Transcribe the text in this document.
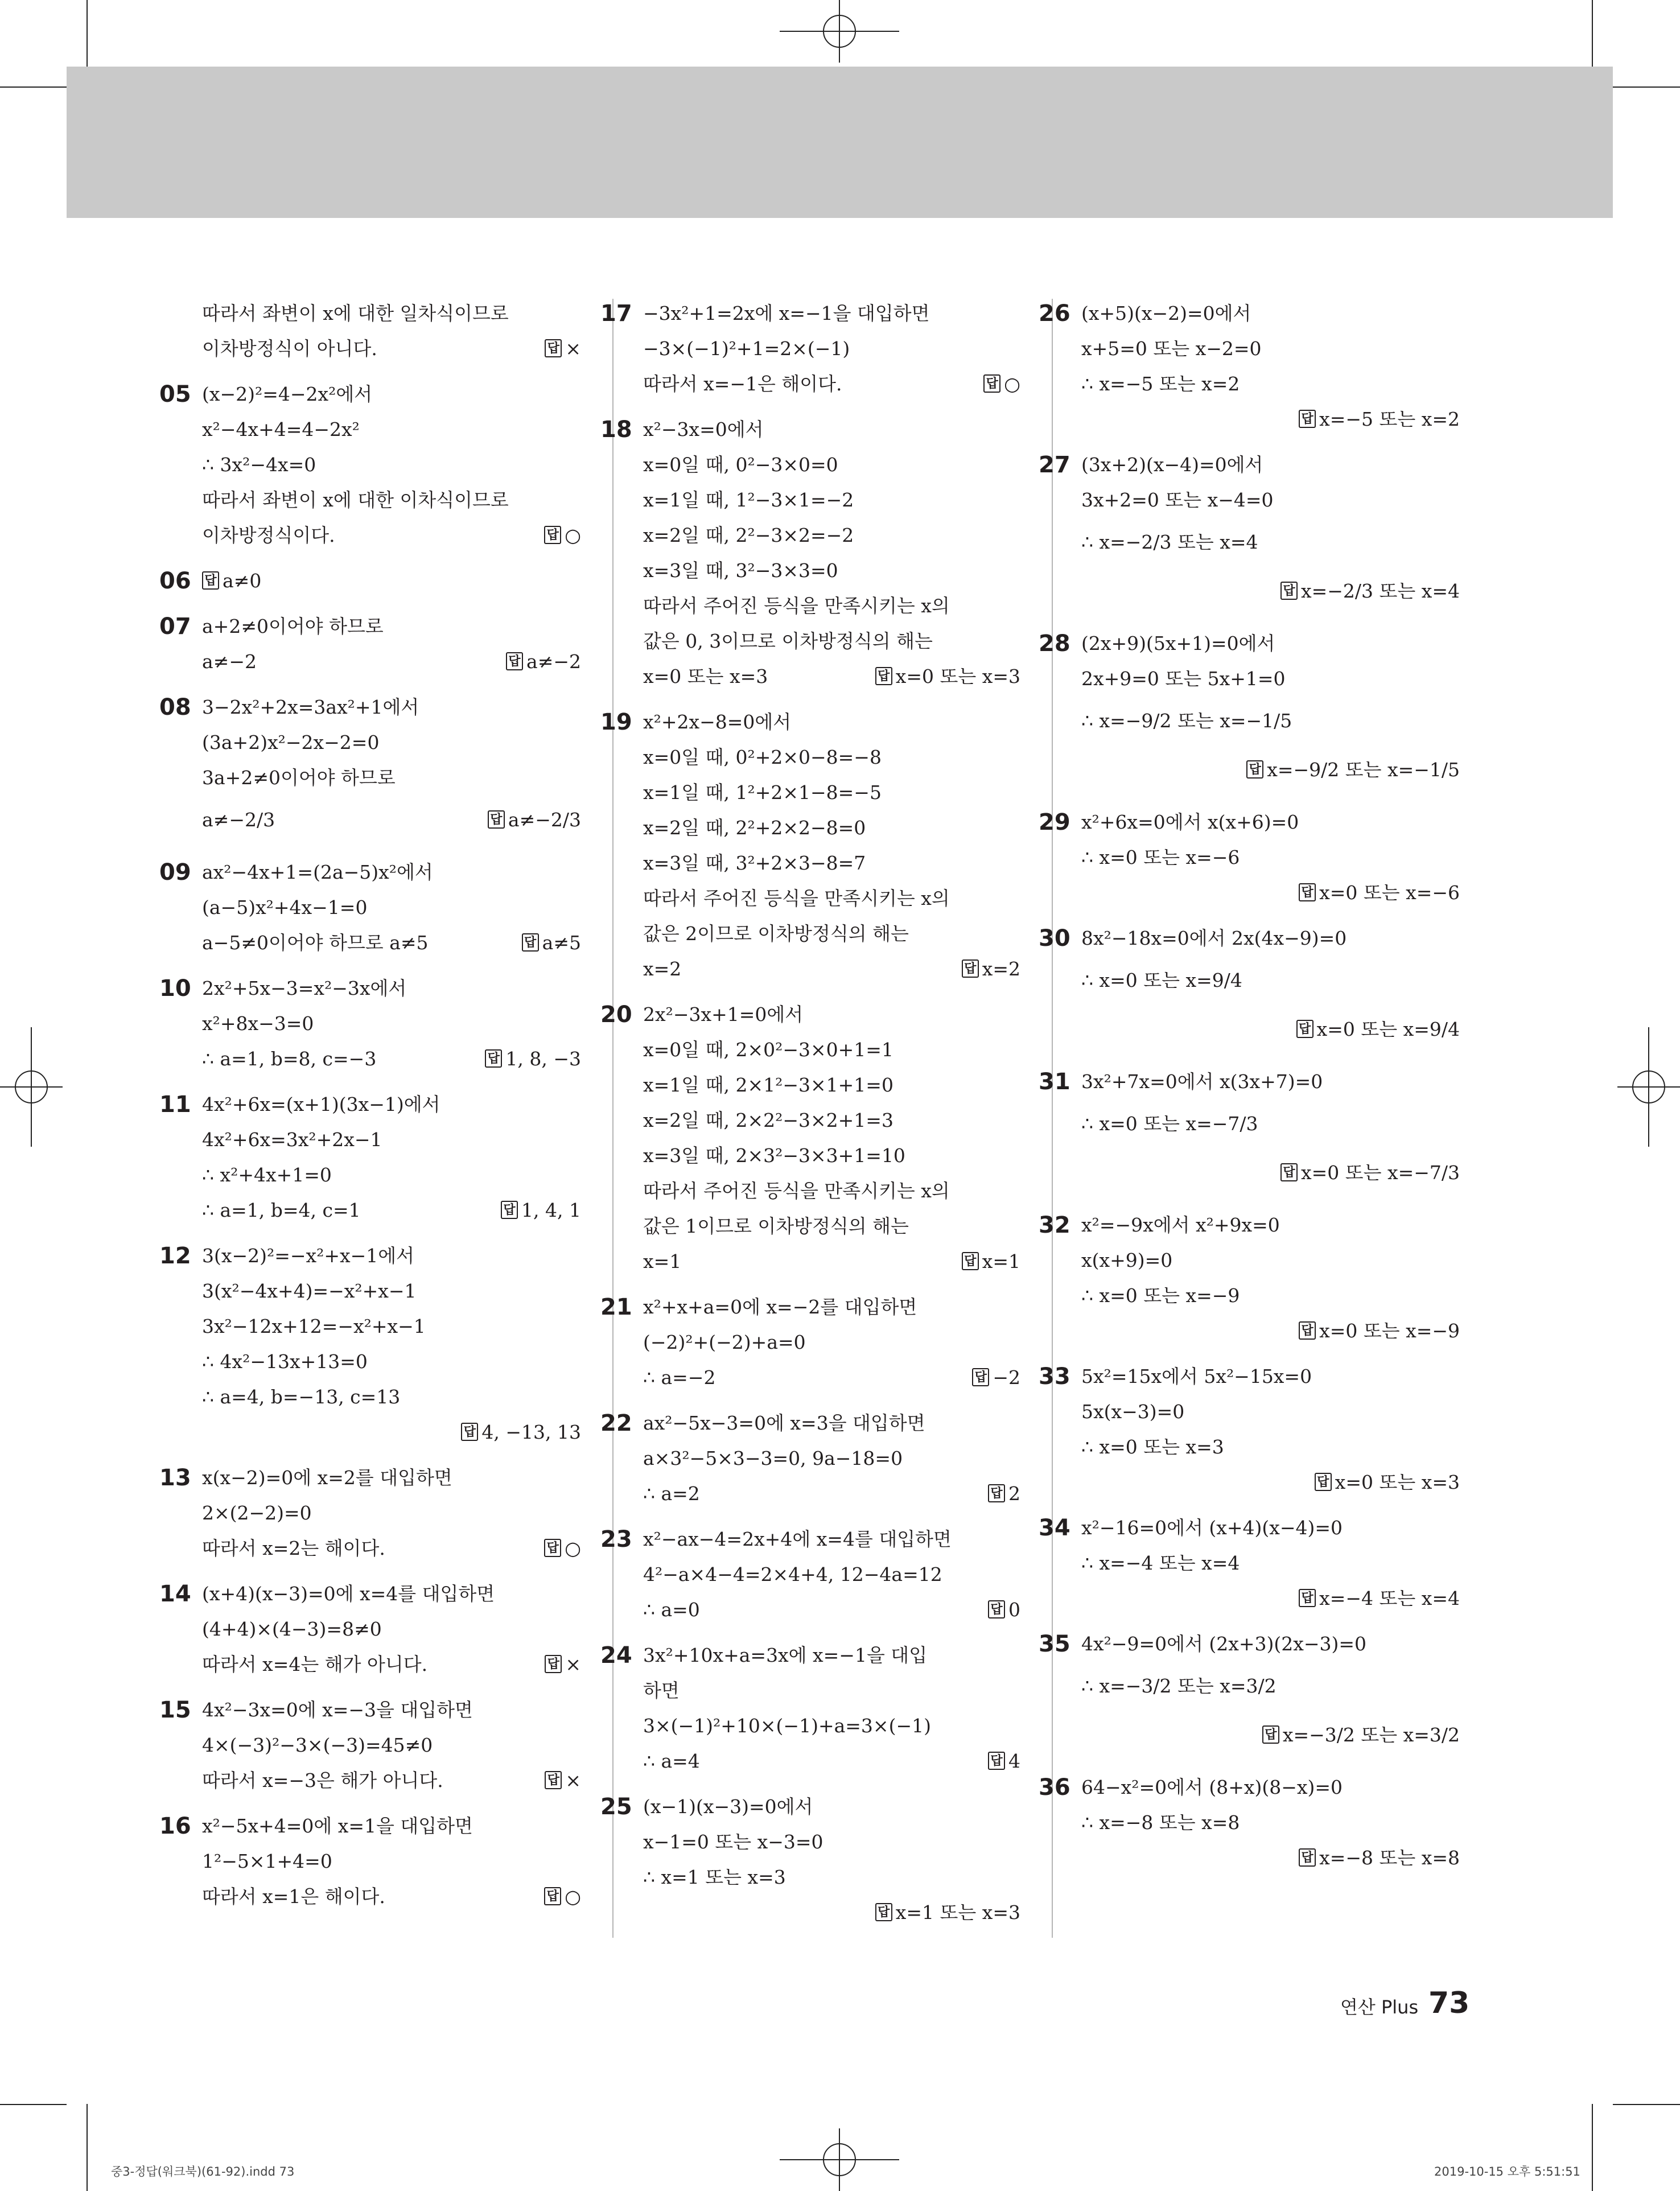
따라서 좌변이 x에 대한 일차식이므로
이차방정식이 아니다.	답 ×
05 (x−2)²=4−2x²에서
x²−4x+4=4−2x²
∴ 3x²−4x=0
따라서 좌변이 x에 대한 이차식이므로
이차방정식이다.	답 ○
06	답 a≠0
07 a+2≠0이어야 하므로
a≠−2	답 a≠−2
08 3−2x²+2x=3ax²+1에서
(3a+2)x²−2x−2=0
3a+2≠0이어야 하므로
a≠−2/3	답 a≠−2/3
09 ax²−4x+1=(2a−5)x²에서
(a−5)x²+4x−1=0
a−5≠0이어야 하므로 a≠5	답 a≠5
10 2x²+5x−3=x²−3x에서
x²+8x−3=0
∴ a=1, b=8, c=−3	답 1, 8, −3
11 4x²+6x=(x+1)(3x−1)에서
4x²+6x=3x²+2x−1
∴ x²+4x+1=0
∴ a=1, b=4, c=1	답 1, 4, 1
12 3(x−2)²=−x²+x−1에서
3(x²−4x+4)=−x²+x−1
3x²−12x+12=−x²+x−1
∴ 4x²−13x+13=0
∴ a=4, b=−13, c=13
답 4, −13, 13
13 x(x−2)=0에 x=2를 대입하면
2×(2−2)=0
따라서 x=2는 해이다.	답 ○
14 (x+4)(x−3)=0에 x=4를 대입하면
(4+4)×(4−3)=8≠0
따라서 x=4는 해가 아니다.	답 ×
15 4x²−3x=0에 x=−3을 대입하면
4×(−3)²−3×(−3)=45≠0
따라서 x=−3은 해가 아니다.	답 ×
16 x²−5x+4=0에 x=1을 대입하면
1²−5×1+4=0
따라서 x=1은 해이다.	답 ○
17 −3x²+1=2x에 x=−1을 대입하면
−3×(−1)²+1=2×(−1)
따라서 x=−1은 해이다.	답 ○
18 x²−3x=0에서
x=0일 때, 0²−3×0=0
x=1일 때, 1²−3×1=−2
x=2일 때, 2²−3×2=−2
x=3일 때, 3²−3×3=0
따라서 주어진 등식을 만족시키는 x의
값은 0, 3이므로 이차방정식의 해는
x=0 또는 x=3	답 x=0 또는 x=3
19 x²+2x−8=0에서
x=0일 때, 0²+2×0−8=−8
x=1일 때, 1²+2×1−8=−5
x=2일 때, 2²+2×2−8=0
x=3일 때, 3²+2×3−8=7
따라서 주어진 등식을 만족시키는 x의
값은 2이므로 이차방정식의 해는
x=2	답 x=2
20 2x²−3x+1=0에서
x=0일 때, 2×0²−3×0+1=1
x=1일 때, 2×1²−3×1+1=0
x=2일 때, 2×2²−3×2+1=3
x=3일 때, 2×3²−3×3+1=10
따라서 주어진 등식을 만족시키는 x의
값은 1이므로 이차방정식의 해는
x=1	답 x=1
21 x²+x+a=0에 x=−2를 대입하면
(−2)²+(−2)+a=0
∴ a=−2	답 −2
22 ax²−5x−3=0에 x=3을 대입하면
a×3²−5×3−3=0, 9a−18=0
∴ a=2	답 2
23 x²−ax−4=2x+4에 x=4를 대입하면
4²−a×4−4=2×4+4, 12−4a=12
∴ a=0	답 0
24 3x²+10x+a=3x에 x=−1을 대입
하면
3×(−1)²+10×(−1)+a=3×(−1)
∴ a=4	답 4
25 (x−1)(x−3)=0에서
x−1=0 또는 x−3=0
∴ x=1 또는 x=3
답 x=1 또는 x=3
26 (x+5)(x−2)=0에서
x+5=0 또는 x−2=0
∴ x=−5 또는 x=2
답 x=−5 또는 x=2
27 (3x+2)(x−4)=0에서
3x+2=0 또는 x−4=0
∴ x=−2/3 또는 x=4
답 x=−2/3 또는 x=4
28 (2x+9)(5x+1)=0에서
2x+9=0 또는 5x+1=0
∴ x=−9/2 또는 x=−1/5
답 x=−9/2 또는 x=−1/5
29 x²+6x=0에서 x(x+6)=0
∴ x=0 또는 x=−6
답 x=0 또는 x=−6
30 8x²−18x=0에서 2x(4x−9)=0
∴ x=0 또는 x=9/4
답 x=0 또는 x=9/4
31 3x²+7x=0에서 x(3x+7)=0
∴ x=0 또는 x=−7/3
답 x=0 또는 x=−7/3
32 x²=−9x에서 x²+9x=0
x(x+9)=0
∴ x=0 또는 x=−9
답 x=0 또는 x=−9
33 5x²=15x에서 5x²−15x=0
5x(x−3)=0
∴ x=0 또는 x=3
답 x=0 또는 x=3
34 x²−16=0에서 (x+4)(x−4)=0
∴ x=−4 또는 x=4
답 x=−4 또는 x=4
35 4x²−9=0에서 (2x+3)(2x−3)=0
∴ x=−3/2 또는 x=3/2
답 x=−3/2 또는 x=3/2
36 64−x²=0에서 (8+x)(8−x)=0
∴ x=−8 또는 x=8
답 x=−8 또는 x=8
연산 Plus 73
중3-정답(워크북)(61-92).indd 73	2019-10-15 오후 5:51:51
